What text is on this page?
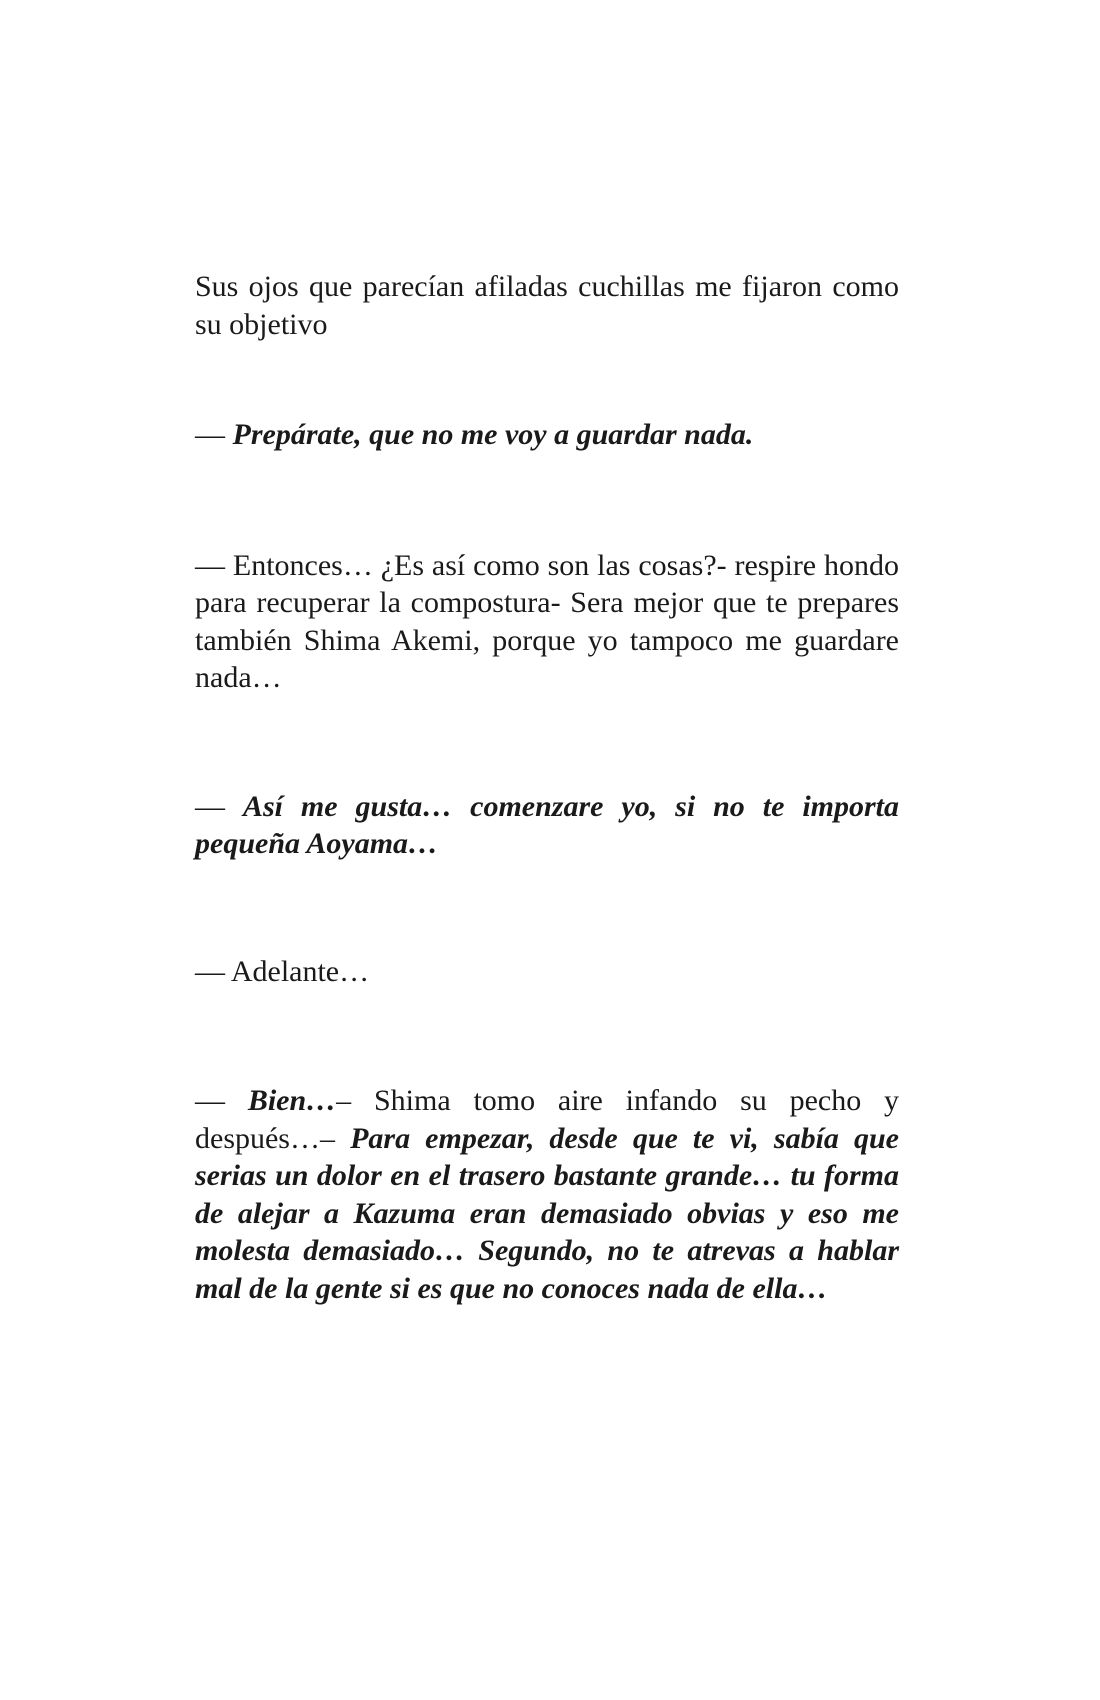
Sus ojos que parecían afiladas cuchillas me fijaron como su objetivo

— Prepárate, que no me voy a guardar nada.

— Entonces… ¿Es así como son las cosas?- respire hondo para recuperar la compostura- Sera mejor que te prepares también Shima Akemi, porque yo tampoco me guardare nada…

— Así me gusta… comenzare yo, si no te importa pequeña Aoyama…

— Adelante…

— Bien…– Shima tomo aire infando su pecho y después…– Para empezar, desde que te vi, sabía que serias un dolor en el trasero bastante grande… tu forma de alejar a Kazuma eran demasiado obvias y eso me molesta demasiado… Segundo, no te atrevas a hablar mal de la gente si es que no conoces nada de ella…
